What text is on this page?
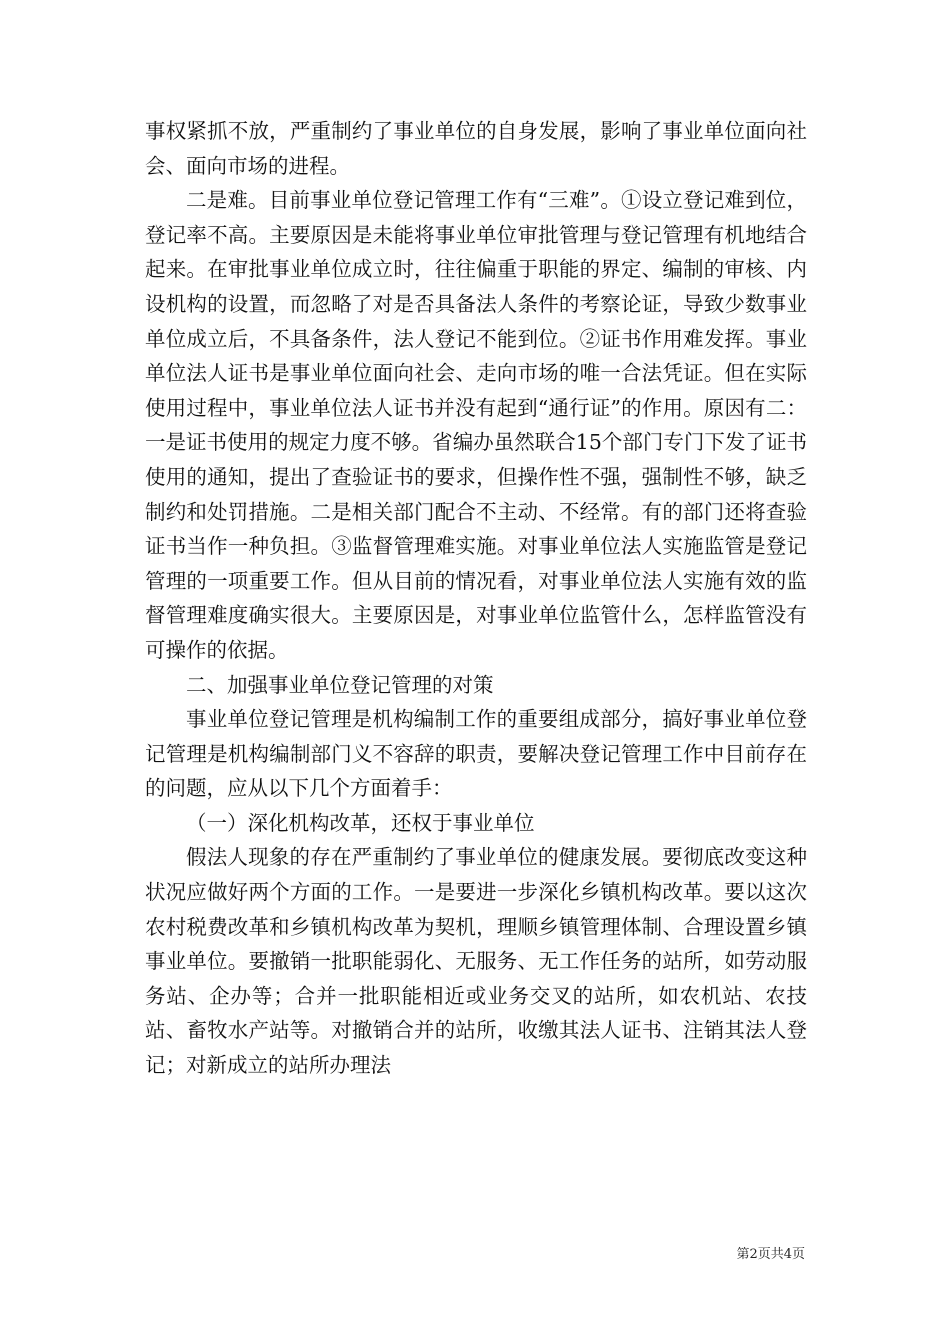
事权紧抓不放，严重制约了事业单位的自身发展，影响了事业单位面向社会、面向市场的进程。

二是难。目前事业单位登记管理工作有“三难”。①设立登记难到位，登记率不高。主要原因是未能将事业单位审批管理与登记管理有机地结合起来。在审批事业单位成立时，往往偏重于职能的界定、编制的审核、内设机构的设置，而忽略了对是否具备法人条件的考察论证，导致少数事业单位成立后，不具备条件，法人登记不能到位。②证书作用难发挥。事业单位法人证书是事业单位面向社会、走向市场的唯一合法凭证。但在实际使用过程中，事业单位法人证书并没有起到“通行证”的作用。原因有二：一是证书使用的规定力度不够。省编办虽然联合15个部门专门下发了证书使用的通知，提出了查验证书的要求，但操作性不强，强制性不够，缺乏制约和处罚措施。二是相关部门配合不主动、不经常。有的部门还将查验证书当作一种负担。③监督管理难实施。对事业单位法人实施监管是登记管理的一项重要工作。但从目前的情况看，对事业单位法人实施有效的监督管理难度确实很大。主要原因是，对事业单位监管什么，怎样监管没有可操作的依据。

二、加强事业单位登记管理的对策

事业单位登记管理是机构编制工作的重要组成部分，搞好事业单位登记管理是机构编制部门义不容辞的职责，要解决登记管理工作中目前存在的问题，应从以下几个方面着手：

（一）深化机构改革，还权于事业单位

假法人现象的存在严重制约了事业单位的健康发展。要彻底改变这种状况应做好两个方面的工作。一是要进一步深化乡镇机构改革。要以这次农村税费改革和乡镇机构改革为契机，理顺乡镇管理体制、合理设置乡镇事业单位。要撤销一批职能弱化、无服务、无工作任务的站所，如劳动服务站、企办等；合并一批职能相近或业务交叉的站所，如农机站、农技站、畜牧水产站等。对撤销合并的站所，收缴其法人证书、注销其法人登记；对新成立的站所办理法

第2页共4页
